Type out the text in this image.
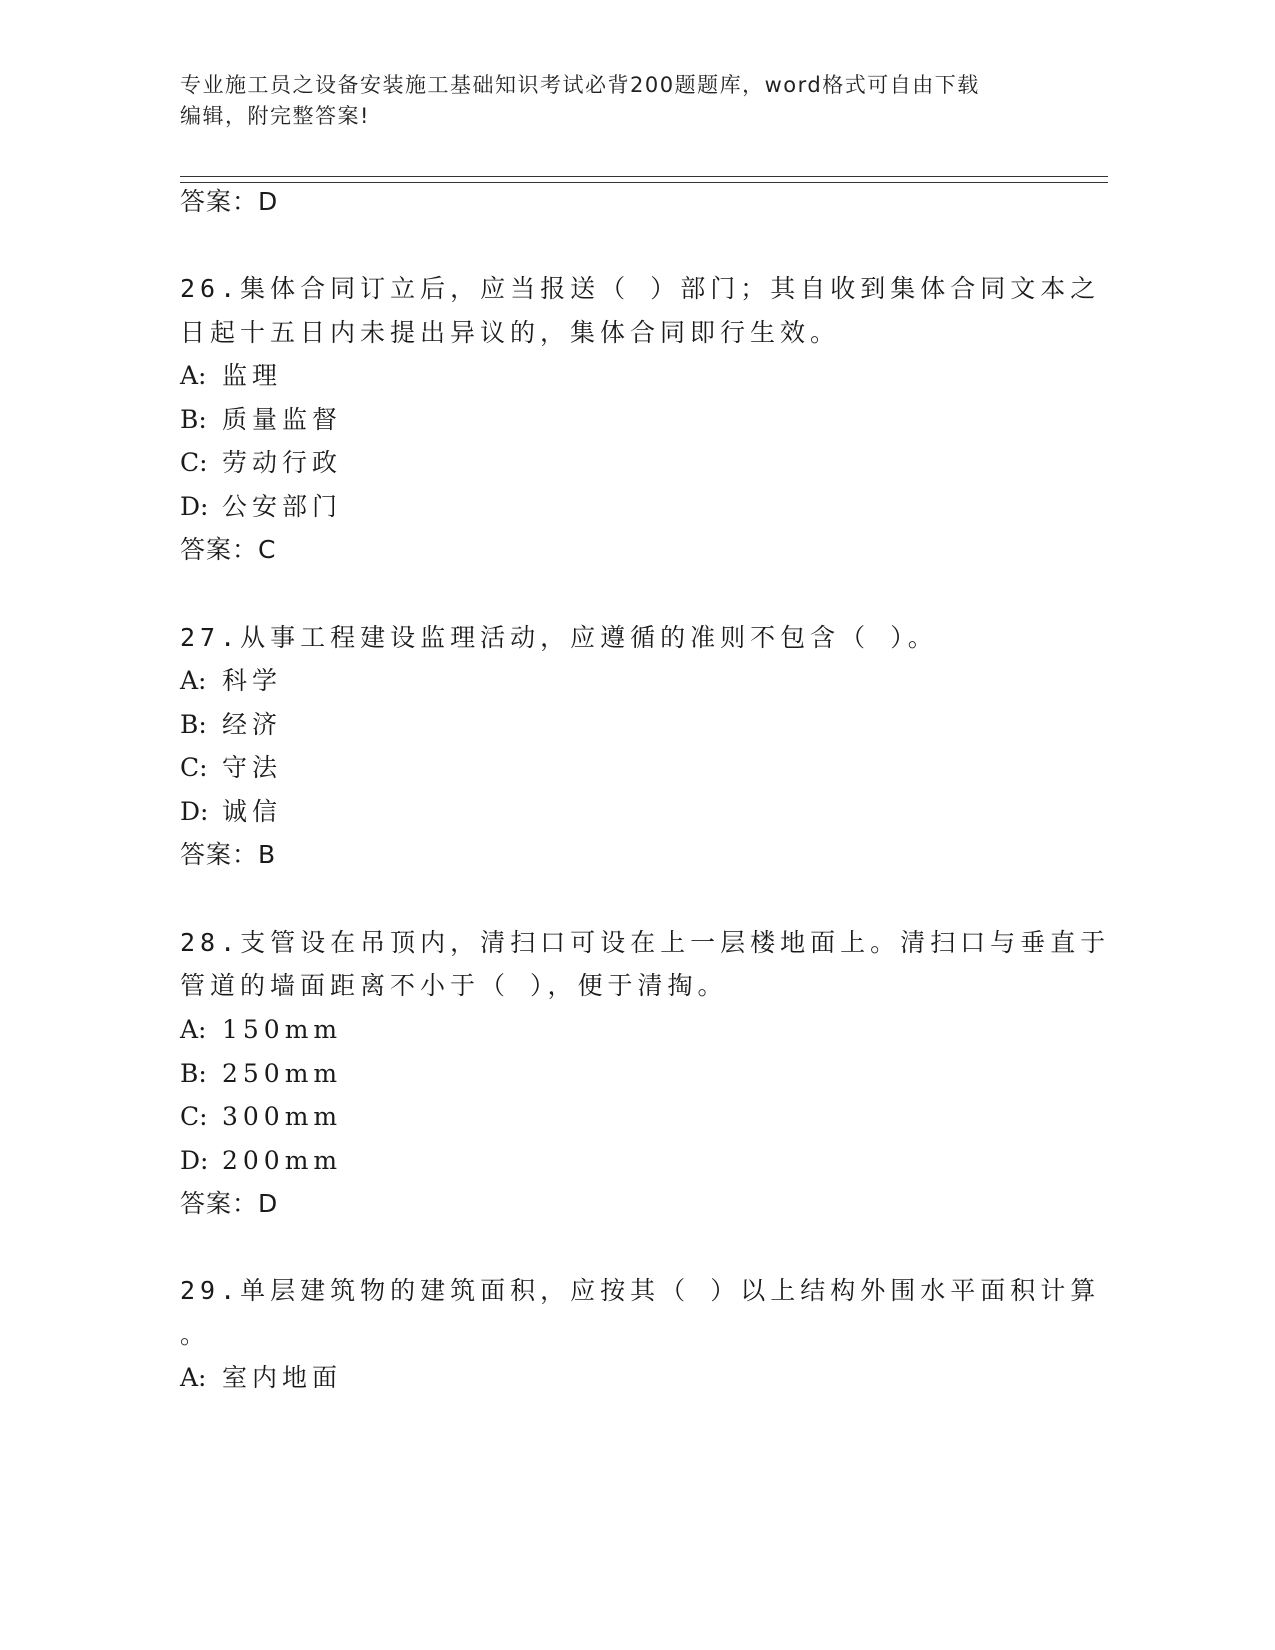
专业施工员之设备安装施工基础知识考试必背200题题库，word格式可自由下载
编辑，附完整答案!
答案：D
26.集体合同订立后，应当报送（ ）部门；其自收到集体合同文本之
日起十五日内未提出异议的，集体合同即行生效。
A: 监理
B: 质量监督
C: 劳动行政
D: 公安部门
答案：C
27.从事工程建设监理活动，应遵循的准则不包含（ ）。
A: 科学
B: 经济
C: 守法
D: 诚信
答案：B
28.支管设在吊顶内，清扫口可设在上一层楼地面上。清扫口与垂直于
管道的墙面距离不小于（ ），便于清掏。
A: 150mm
B: 250mm
C: 300mm
D: 200mm
答案：D
29.单层建筑物的建筑面积，应按其（ ）以上结构外围水平面积计算
。
A: 室内地面
